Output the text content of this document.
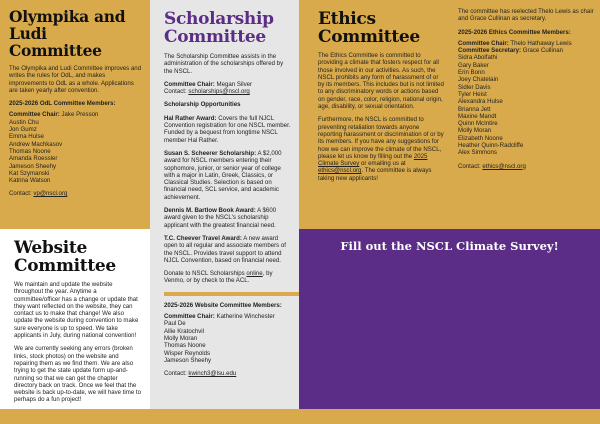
Olympika and
Ludi Committee
The Olympika and Ludi Committee improves and writes the rules for OdL, and makes improvements to OdL as a whole. Applications are taken yearly after convention.
2025-2026 OdL Committee Members:
Committee Chair: Jake Presson
Austin Chu
Jon Gumz
Emma Hulse
Andrew Machkasov
Thomas Noone
Amanda Roessler
Jameson Sheehy
Kat Szymanski
Katrina Watson
Contact: vp@nscl.org
Website
Committee
We maintain and update the website throughout the year. Anytime a committee/officer has a change or update that they want reflected on the website, they can contact us to make that change! We also update the website during convention to make sure everyone is up to speed. We take applicants in July, during national convention!
We are currently seeking any errors (broken links, stock photos) on the website and repairing them as we find them. We are also trying to get the state update form up-and-running so that we can get the chapter directory back on track. Once we feel that the website is back up-to-date, we will have time to perhaps do a fun project!
Scholarship
Committee
The Scholarship Committee assists in the administration of the scholarships offered by the NSCL.
Committee Chair: Megan Silver
Contact: scholarships@nscl.org
Scholarship Opportunities
Hal Rather Award: Covers the full NJCL Convention registration for one NSCL member. Funded by a bequest from longtime NSCL member Hal Rather.
Susan S. Scheerer Scholarship: A $2,000 award for NSCL members entering their sophomore, junior, or senior year of college with a major in Latin, Greek, Classics, or Classical Studies. Selection is based on financial need, SCL service, and academic achievement.
Dennis M. Bartlow Book Award: A $600 award given to the NSCL's scholarship applicant with the greatest financial need.
T.C. Cheever Travel Award: A new award open to all regular and associate members of the NSCL. Provides travel support to attend NJCL Convention, based on financial need.
Donate to NSCL Scholarships online, by Venmo, or by check to the ACL.
2025-2026 Website Committee Members:
Committee Chair: Katherine Winchester
Paul De
Allie Kratochvil
Molly Moran
Thomas Noone
Wisper Reynolds
Jameson Sheehy
Contact: kwinch3@lsu.edu
Ethics
Committee
The Ethics Committee is committed to providing a climate that fosters respect for all those involved in our activities. As such, the NSCL prohibits any form of harassment of or by its members. This includes but is not limited to any discriminatory words or actions based on gender, race, color, religion, national origin, age, disability, or sexual orientation.
Furthermore, the NSCL is committed to preventing retaliation towards anyone reporting harassment or discrimination of or by its members. If you have any suggestions for how we can improve the climate of the NSCL, please let us know by filling out the 2025 Climate Survey or emailing us at ethics@nscl.org. The committee is always taking new applicants!
The committee has reelected Thelo Lewis as chair and Grace Cullinan as secretary.
2025-2026 Ethics Committee Members:
Committee Chair: Thelo Hathaway Lewis
Committee Secretary: Grace Cullinan
Sidra Abolfathi
Gary Baker
Erin Bonn
Joey Chatelain
Sidler Davis
Tyler Heist
Alexandra Hulse
Brianna Jett
Maxine Mandt
Quinn McIntire
Molly Moran
Elizabeth Noone
Heather Quinn-Radcliffe
Alex Simmons
Contact: ethics@nscl.org
Fill out the NSCL Climate Survey!
